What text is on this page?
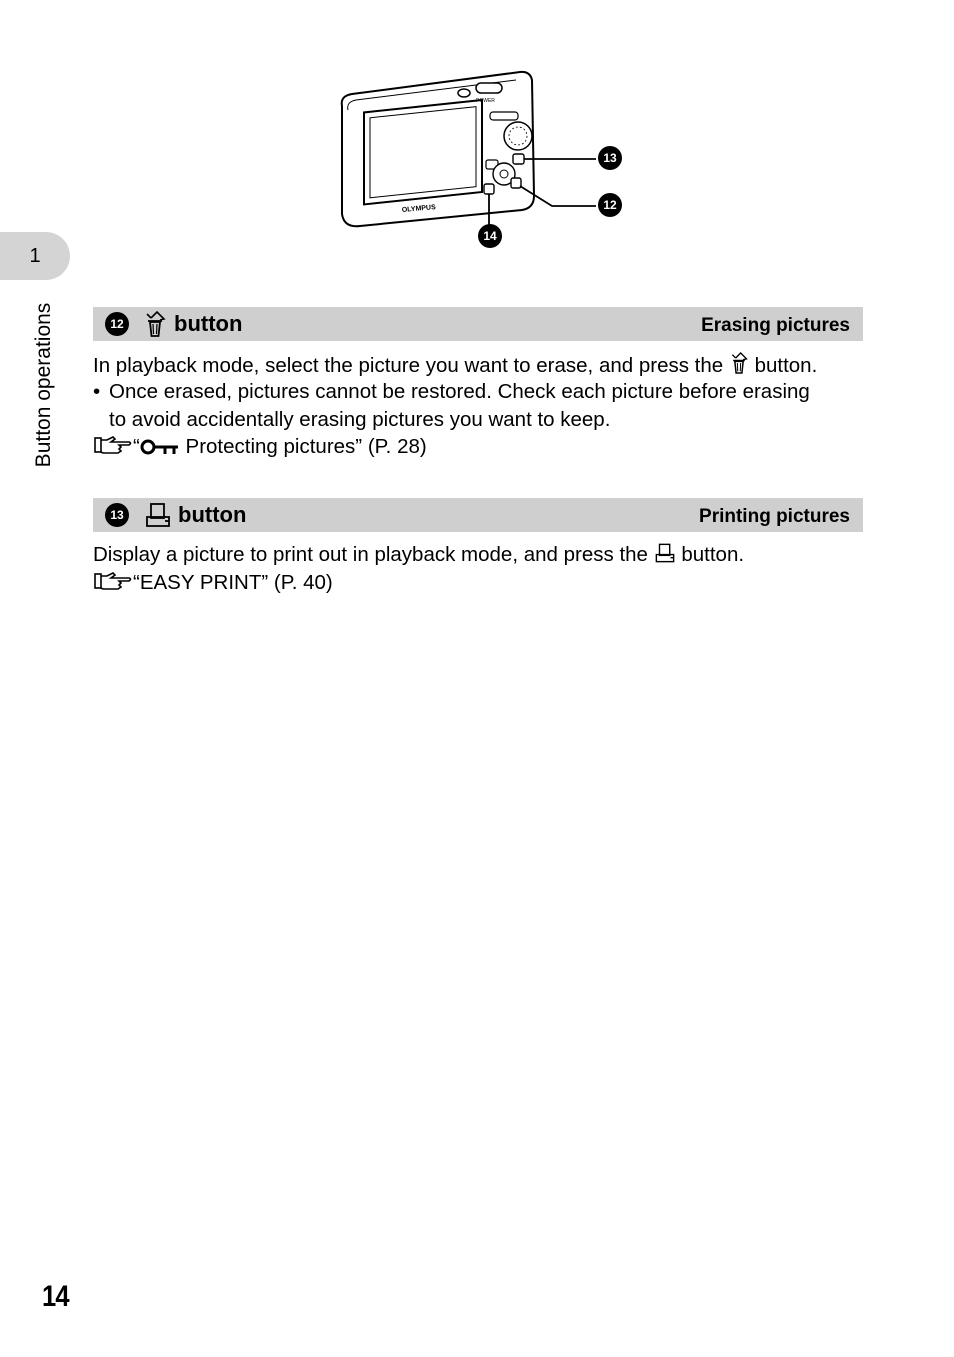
1
Button operations
POWER
OLYMPUS
13
12
14
12 button	Erasing pictures
In playback mode, select the picture you want to erase, and press the button.
• Once erased, pictures cannot be restored. Check each picture before erasing
to avoid accidentally erasing pictures you want to keep.
“ Protecting pictures” (P. 28)
13 button	Printing pictures
Display a picture to print out in playback mode, and press the button.
“EASY PRINT” (P. 40)
14
